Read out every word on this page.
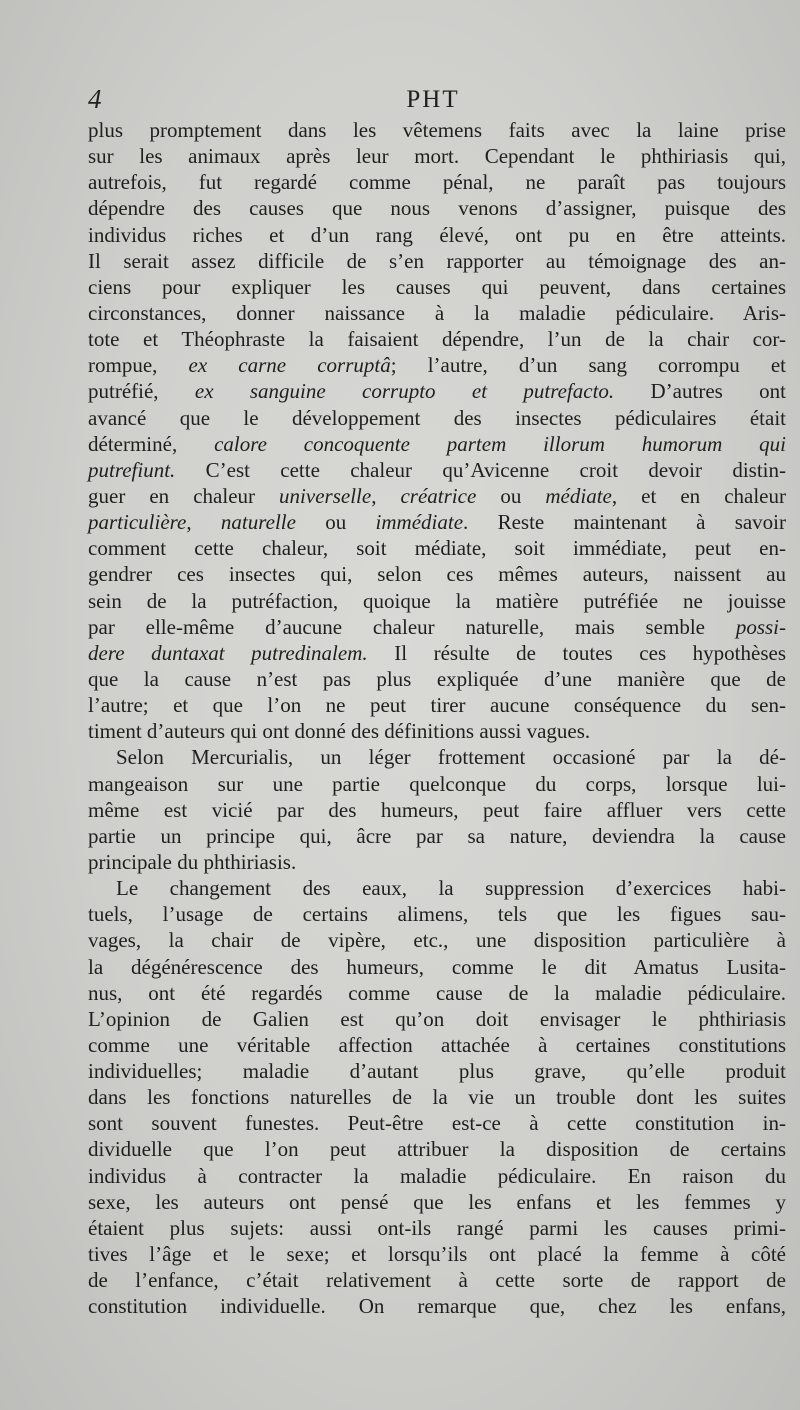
4	PHT
plus promptement dans les vêtemens faits avec la laine prise
sur les animaux après leur mort. Cependant le phthiriasis qui,
autrefois, fut regardé comme pénal, ne paraît pas toujours
dépendre des causes que nous venons d’assigner, puisque des
individus riches et d’un rang élevé, ont pu en être atteints.
Il serait assez difficile de s’en rapporter au témoignage des an-
ciens pour expliquer les causes qui peuvent, dans certaines
circonstances, donner naissance à la maladie pédiculaire. Aris-
tote et Théophraste la faisaient dépendre, l’un de la chair cor-
rompue, ex carne corruptâ; l’autre, d’un sang corrompu et
putréfié, ex sanguine corrupto et putrefacto. D’autres ont
avancé que le développement des insectes pédiculaires était
déterminé, calore concoquente partem illorum humorum qui
putrefiunt. C’est cette chaleur qu’Avicenne croit devoir distin-
guer en chaleur universelle, créatrice ou médiate, et en chaleur
particulière, naturelle ou immédiate. Reste maintenant à savoir
comment cette chaleur, soit médiate, soit immédiate, peut en-
gendrer ces insectes qui, selon ces mêmes auteurs, naissent au
sein de la putréfaction, quoique la matière putréfiée ne jouisse
par elle-même d’aucune chaleur naturelle, mais semble possi-
dere duntaxat putredinalem. Il résulte de toutes ces hypothèses
que la cause n’est pas plus expliquée d’une manière que de
l’autre; et que l’on ne peut tirer aucune conséquence du sen-
timent d’auteurs qui ont donné des définitions aussi vagues.
Selon Mercurialis, un léger frottement occasioné par la dé-
mangeaison sur une partie quelconque du corps, lorsque lui-
même est vicié par des humeurs, peut faire affluer vers cette
partie un principe qui, âcre par sa nature, deviendra la cause
principale du phthiriasis.
Le changement des eaux, la suppression d’exercices habi-
tuels, l’usage de certains alimens, tels que les figues sau-
vages, la chair de vipère, etc., une disposition particulière à
la dégénérescence des humeurs, comme le dit Amatus Lusita-
nus, ont été regardés comme cause de la maladie pédiculaire.
L’opinion de Galien est qu’on doit envisager le phthiriasis
comme une véritable affection attachée à certaines constitutions
individuelles; maladie d’autant plus grave, qu’elle produit
dans les fonctions naturelles de la vie un trouble dont les suites
sont souvent funestes. Peut-être est-ce à cette constitution in-
dividuelle que l’on peut attribuer la disposition de certains
individus à contracter la maladie pédiculaire. En raison du
sexe, les auteurs ont pensé que les enfans et les femmes y
étaient plus sujets: aussi ont-ils rangé parmi les causes primi-
tives l’âge et le sexe; et lorsqu’ils ont placé la femme à côté
de l’enfance, c’était relativement à cette sorte de rapport de
constitution individuelle. On remarque que, chez les enfans,
